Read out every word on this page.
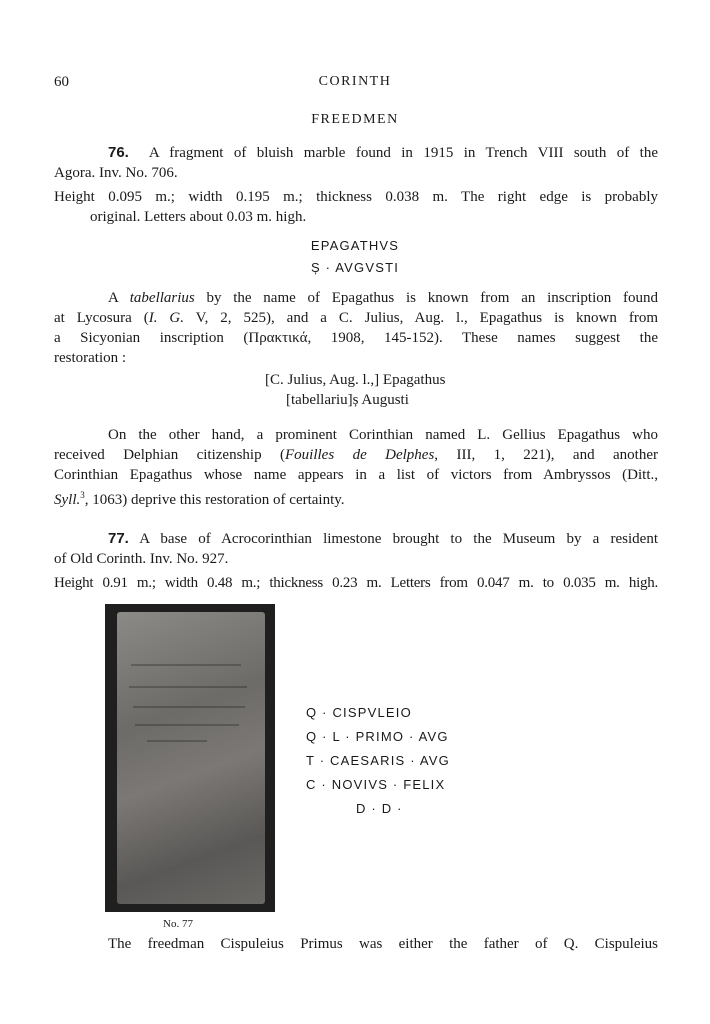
60	CORINTH
FREEDMEN
76. A fragment of bluish marble found in 1915 in Trench VIII south of the
Agora. Inv. No. 706.
Height 0.095 m.; width 0.195 m.; thickness 0.038 m. The right edge is probably
original. Letters about 0.03 m. high.
EPAGATHVS
Ș · AVGVSTI
A tabellarius by the name of Epagathus is known from an inscription found
at Lycosura (I. G. V, 2, 525), and a C. Julius, Aug. l., Epagathus is known from
a Sicyonian inscription (Πρακτικά, 1908, 145-152). These names suggest the
restoration :
[C. Julius, Aug. l.,] Epagathus
[tabellariu]ș Augusti
On the other hand, a prominent Corinthian named L. Gellius Epagathus who
received Delphian citizenship (Fouilles de Delphes, III, 1, 221), and another
Corinthian Epagathus whose name appears in a list of victors from Ambryssos (Ditt.,
Syll.$^3$, 1063) deprive this restoration of certainty.
77. A base of Acrocorinthian limestone brought to the Museum by a resident
of Old Corinth. Inv. No. 927.
Height 0.91 m.; width 0.48 m.; thickness 0.23 m. Letters from 0.047 m. to 0.035 m. high.
No. 77
Q · CISPVLEIO
Q · L · PRIMO · AVG
T · CAESARIS · AVG
C · NOVIVS · FELIX
D · D ·
The freedman Cispuleius Primus was either the father of Q. Cispuleius
